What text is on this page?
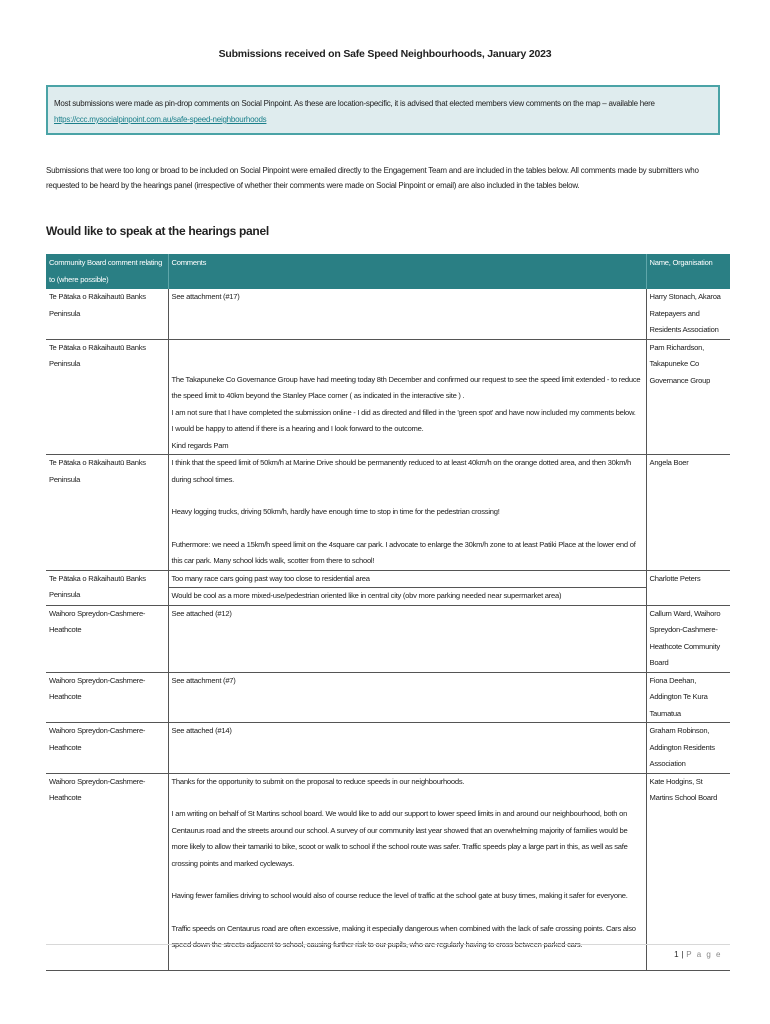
Submissions received on Safe Speed Neighbourhoods, January 2023
Most submissions were made as pin-drop comments on Social Pinpoint. As these are location-specific, it is advised that elected members view comments on the map – available here https://ccc.mysocialpinpoint.com.au/safe-speed-neighbourhoods
Submissions that were too long or broad to be included on Social Pinpoint were emailed directly to the Engagement Team and are included in the tables below. All comments made by submitters who requested to be heard by the hearings panel (irrespective of whether their comments were made on Social Pinpoint or email) are also included in the tables below.
Would like to speak at the hearings panel
Community Board comment relating to (where possible)	Comments	Name, Organisation
Te Pātaka o Rākaihautū Banks Peninsula	See attachment (#17)	Harry Stonach, Akaroa Ratepayers and Residents Association
Te Pātaka o Rākaihautū Banks Peninsula	The Takapuneke Co Governance Group have had meeting today 8th December and confirmed our request to see the speed limit extended - to reduce the speed limit to 40km beyond the Stanley Place corner ( as indicated in the interactive site ) .
I am not sure that I have completed the submission online - I did as directed and filled in the 'green spot' and have now included my comments below.
I would be happy to attend if there is a hearing and I look forward to the outcome.
Kind regards Pam	Pam Richardson, Takapuneke Co Governance Group
Te Pātaka o Rākaihautū Banks Peninsula	I think that the speed limit of 50km/h at Marine Drive should be permanently reduced to at least 40km/h on the orange dotted area, and then 30km/h during school times.
Heavy logging trucks, driving 50km/h, hardly have enough time to stop in time for the pedestrian crossing!
Futhermore: we need a 15km/h speed limit on the 4square car park. I advocate to enlarge the 30km/h zone to at least Patiki Place at the lower end of this car park. Many school kids walk, scotter from there to school!	Angela Boer
Te Pātaka o Rākaihautū Banks Peninsula	Too many race cars going past way too close to residential area
Would be cool as a more mixed-use/pedestrian oriented like in central city (obv more parking needed near supermarket area)	Charlotte Peters
Waihoro Spreydon-Cashmere-Heathcote	See attached (#12)	Callum Ward, Waihoro Spreydon-Cashmere-Heathcote Community Board
Waihoro Spreydon-Cashmere-Heathcote	See attachment (#7)	Fiona Deehan, Addington Te Kura Taumatua
Waihoro Spreydon-Cashmere-Heathcote	See attached (#14)	Graham Robinson, Addington Residents Association
Waihoro Spreydon-Cashmere-Heathcote	Thanks for the opportunity to submit on the proposal to reduce speeds in our neighbourhoods.
I am writing on behalf of St Martins school board. We would like to add our support to lower speed limits in and around our neighbourhood, both on Centaurus road and the streets around our school. A survey of our community last year showed that an overwhelming majority of families would be more likely to allow their tamariki to bike, scoot or walk to school if the school route was safer. Traffic speeds play a large part in this, as well as safe crossing points and marked cycleways.
Having fewer families driving to school would also of course reduce the level of traffic at the school gate at busy times, making it safer for everyone.
Traffic speeds on Centaurus road are often excessive, making it especially dangerous when combined with the lack of safe crossing points. Cars also speed down the streets adjacent to school, causing further risk to our pupils, who are regularly having to cross between parked cars.	Kate Hodgins, St Martins School Board
1 | P a g e
